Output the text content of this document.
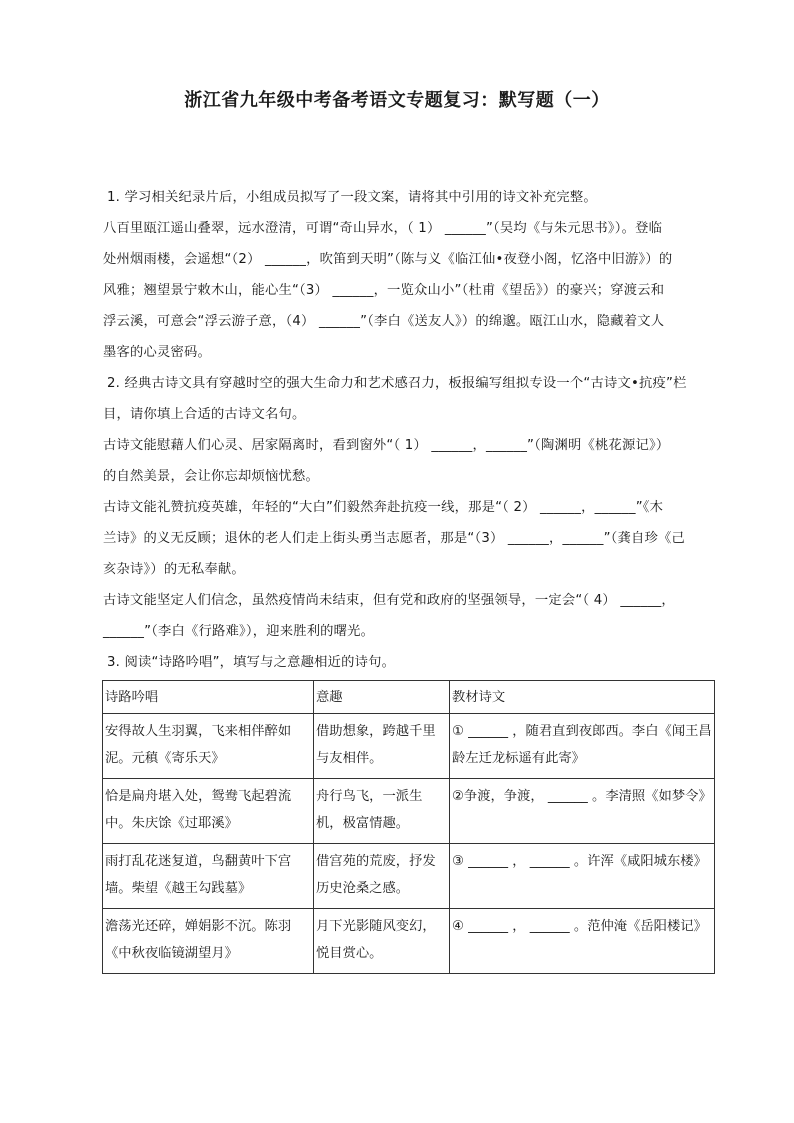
浙江省九年级中考备考语文专题复习：默写题（一）

1. 学习相关纪录片后，小组成员拟写了一段文案，请将其中引用的诗文补充完整。

八百里瓯江遥山叠翠，远水澄清，可谓“奇山异水，（ 1） ______”（吴均《与朱元思书》）。登临

处州烟雨楼，会遥想“（2） ______，吹笛到天明”（陈与义《临江仙•夜登小阁，忆洛中旧游》）的

风雅；翘望景宁敕木山，能心生“（3） ______，一览众山小”（杜甫《望岳》）的豪兴；穿渡云和

浮云溪，可意会“浮云游子意，（4） ______”（李白《送友人》）的绵邈。瓯江山水，隐藏着文人

墨客的心灵密码。

2. 经典古诗文具有穿越时空的强大生命力和艺术感召力，板报编写组拟专设一个“古诗文•抗疫”栏

目，请你填上合适的古诗文名句。

古诗文能慰藉人们心灵、居家隔离时，看到窗外“（ 1） ______，______”（陶渊明《桃花源记》）

的自然美景，会让你忘却烦恼忧愁。

古诗文能礼赞抗疫英雄，年轻的“大白”们毅然奔赴抗疫一线，那是“（ 2） ______，______”《木

兰诗》的义无反顾；退休的老人们走上街头勇当志愿者，那是“（3） ______，______”（龚自珍《己

亥杂诗》）的无私奉献。

古诗文能坚定人们信念，虽然疫情尚未结束，但有党和政府的坚强领导，一定会“（ 4） ______，

______”（李白《行路难》），迎来胜利的曙光。

3. 阅读“诗路吟唱”，填写与之意趣相近的诗句。

诗路吟唱	意趣	教材诗文
安得故人生羽翼，飞来相伴醉如泥。元稹《寄乐天》	借助想象，跨越千里与友相伴。	① ______ ，随君直到夜郎西。李白《闻王昌龄左迁龙标遥有此寄》
恰是扁舟堪入处，鸳鸯飞起碧流中。朱庆馀《过耶溪》	舟行鸟飞，一派生机，极富情趣。	②争渡，争渡， ______ 。李清照《如梦令》
雨打乱花迷复道，鸟翻黄叶下宫墙。柴望《越王勾践墓》	借宫苑的荒废，抒发历史沧桑之感。	③ ______ ， ______ 。许浑《咸阳城东楼》
澹荡光还碎，婵娟影不沉。陈羽《中秋夜临镜湖望月》	月下光影随风变幻，悦目赏心。	④ ______ ， ______ 。范仲淹《岳阳楼记》
